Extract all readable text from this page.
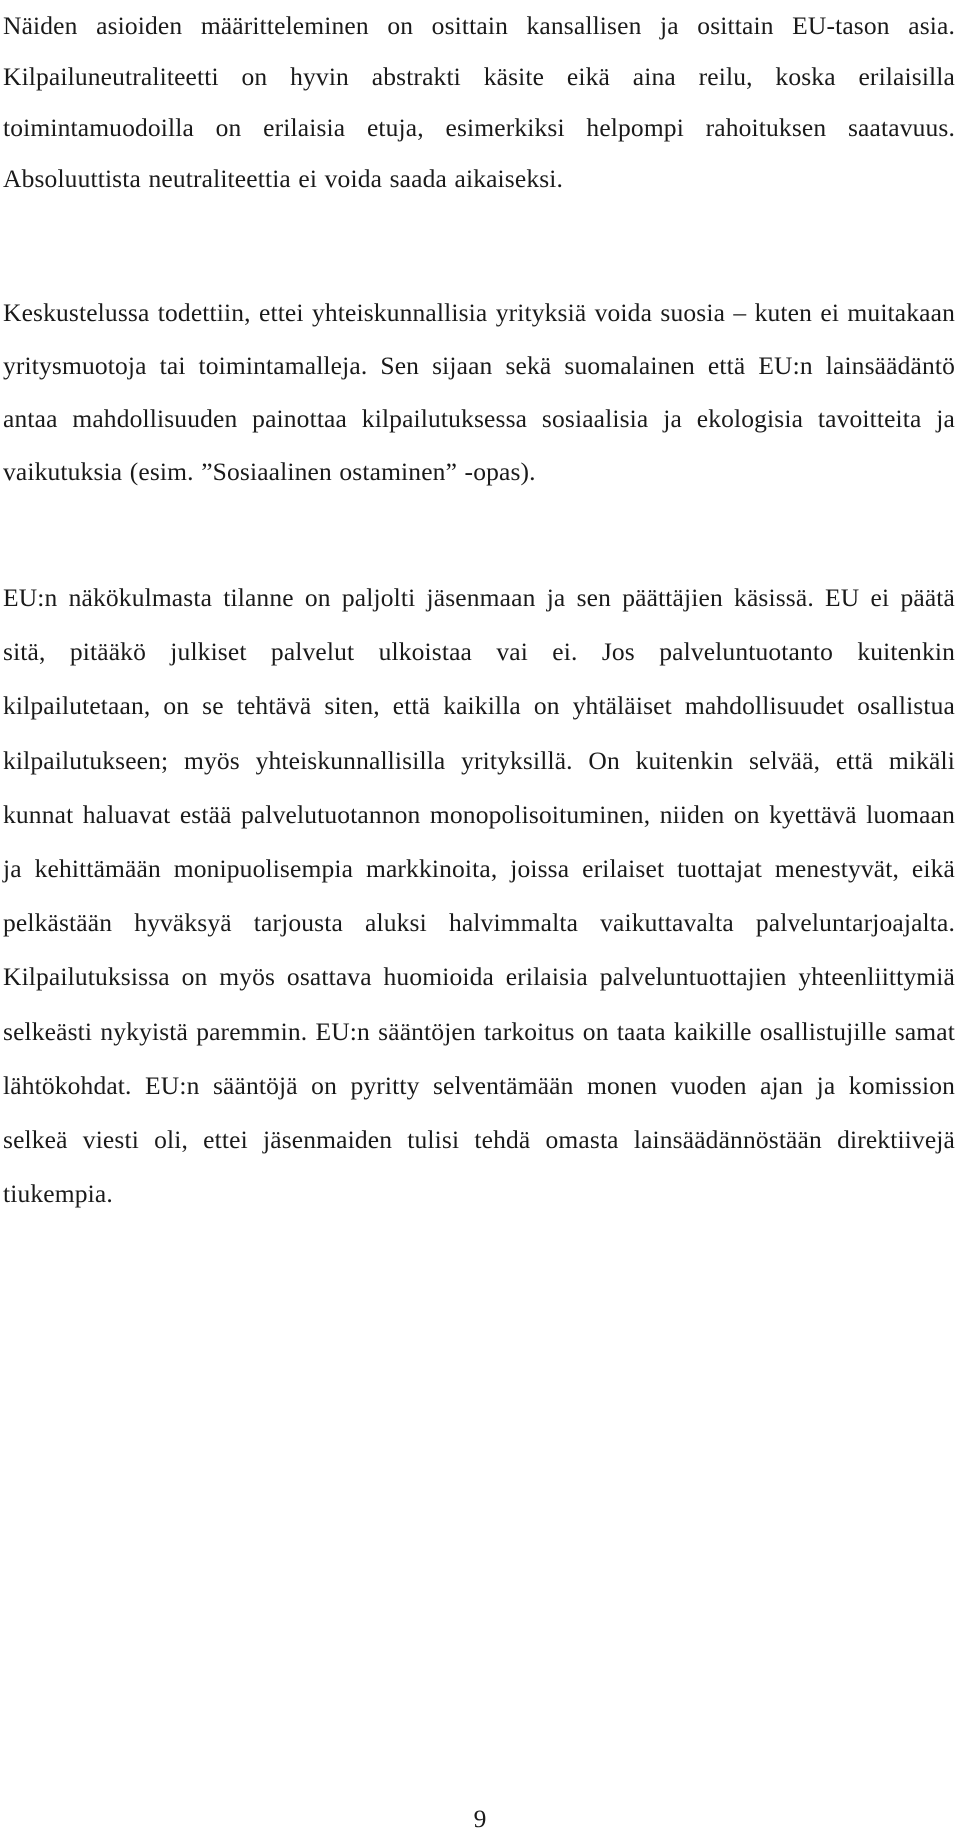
Näiden asioiden määritteleminen on osittain kansallisen ja osittain EU-tason asia. Kilpailuneutraliteetti on hyvin abstrakti käsite eikä aina reilu, koska erilaisilla toimintamuodoilla on erilaisia etuja, esimerkiksi helpompi rahoituksen saatavuus. Absoluuttista neutraliteettia ei voida saada aikaiseksi.

Keskustelussa todettiin, ettei yhteiskunnallisia yrityksiä voida suosia – kuten ei muitakaan yritysmuotoja tai toimintamalleja. Sen sijaan sekä suomalainen että EU:n lainsäädäntö antaa mahdollisuuden painottaa kilpailutuksessa sosiaalisia ja ekologisia tavoitteita ja vaikutuksia (esim. ”Sosiaalinen ostaminen” -opas).

EU:n näkökulmasta tilanne on paljolti jäsenmaan ja sen päättäjien käsissä. EU ei päätä sitä, pitääkö julkiset palvelut ulkoistaa vai ei. Jos palveluntuotanto kuitenkin kilpailutetaan, on se tehtävä siten, että kaikilla on yhtäläiset mahdollisuudet osallistua kilpailutukseen; myös yhteiskunnallisilla yrityksillä. On kuitenkin selvää, että mikäli kunnat haluavat estää palvelutuotannon monopolisoituminen, niiden on kyettävä luomaan ja kehittämään monipuolisempia markkinoita, joissa erilaiset tuottajat menestyvät, eikä pelkästään hyväksyä tarjousta aluksi halvimmalta vaikuttavalta palveluntarjoajalta. Kilpailutuksissa on myös osattava huomioida erilaisia palveluntuottajien yhteenliittymiä selkeästi nykyistä paremmin. EU:n sääntöjen tarkoitus on taata kaikille osallistujille samat lähtökohdat. EU:n sääntöjä on pyritty selventämään monen vuoden ajan ja komission selkeä viesti oli, ettei jäsenmaiden tulisi tehdä omasta lainsäädännöstään direktiivejä tiukempia.

9
